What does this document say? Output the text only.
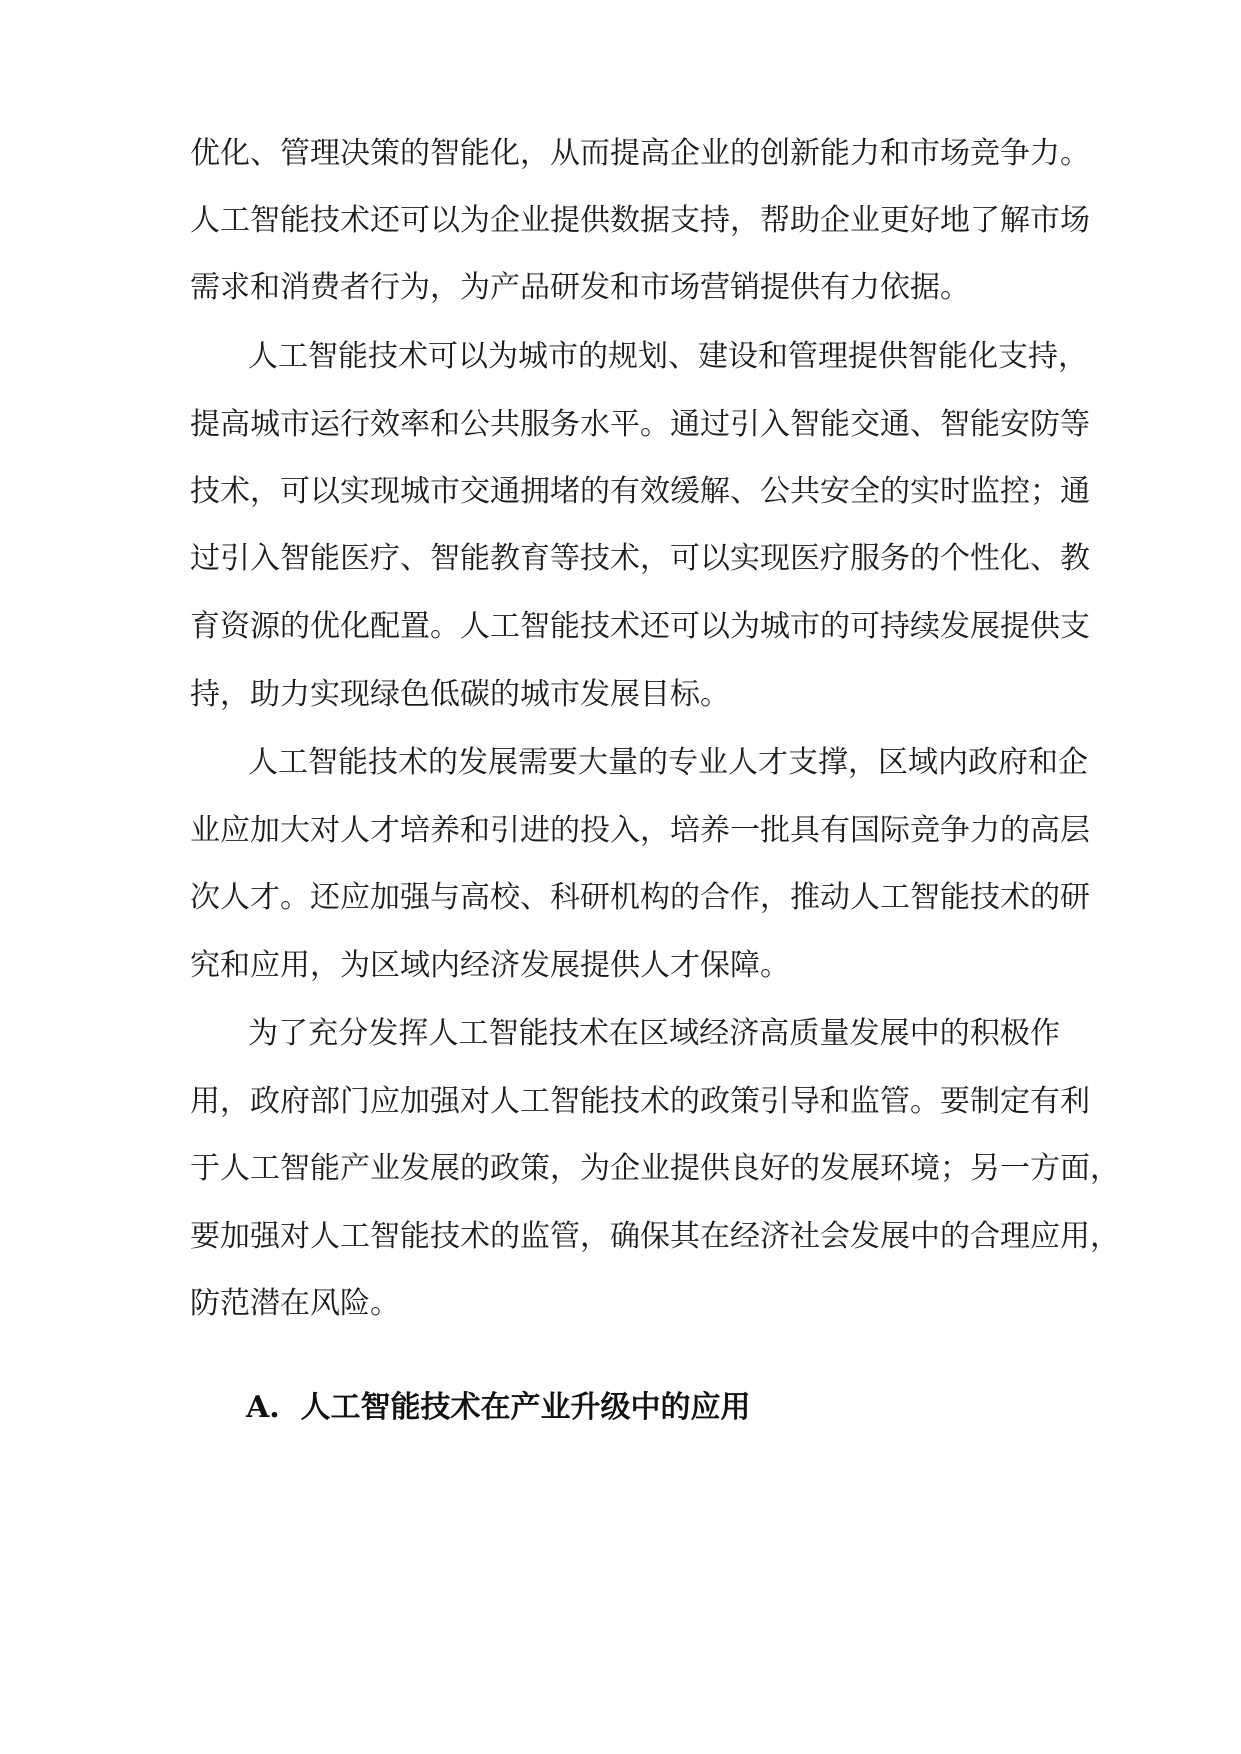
优化、管理决策的智能化，从而提高企业的创新能力和市场竞争力。
人工智能技术还可以为企业提供数据支持，帮助企业更好地了解市场
需求和消费者行为，为产品研发和市场营销提供有力依据。
人工智能技术可以为城市的规划、建设和管理提供智能化支持，
提高城市运行效率和公共服务水平。通过引入智能交通、智能安防等
技术，可以实现城市交通拥堵的有效缓解、公共安全的实时监控；通
过引入智能医疗、智能教育等技术，可以实现医疗服务的个性化、教
育资源的优化配置。人工智能技术还可以为城市的可持续发展提供支
持，助力实现绿色低碳的城市发展目标。
人工智能技术的发展需要大量的专业人才支撑，区域内政府和企
业应加大对人才培养和引进的投入，培养一批具有国际竞争力的高层
次人才。还应加强与高校、科研机构的合作，推动人工智能技术的研
究和应用，为区域内经济发展提供人才保障。
为了充分发挥人工智能技术在区域经济高质量发展中的积极作
用，政府部门应加强对人工智能技术的政策引导和监管。要制定有利
于人工智能产业发展的政策，为企业提供良好的发展环境；另一方面，
要加强对人工智能技术的监管，确保其在经济社会发展中的合理应用，
防范潜在风险。
A. 人工智能技术在产业升级中的应用
